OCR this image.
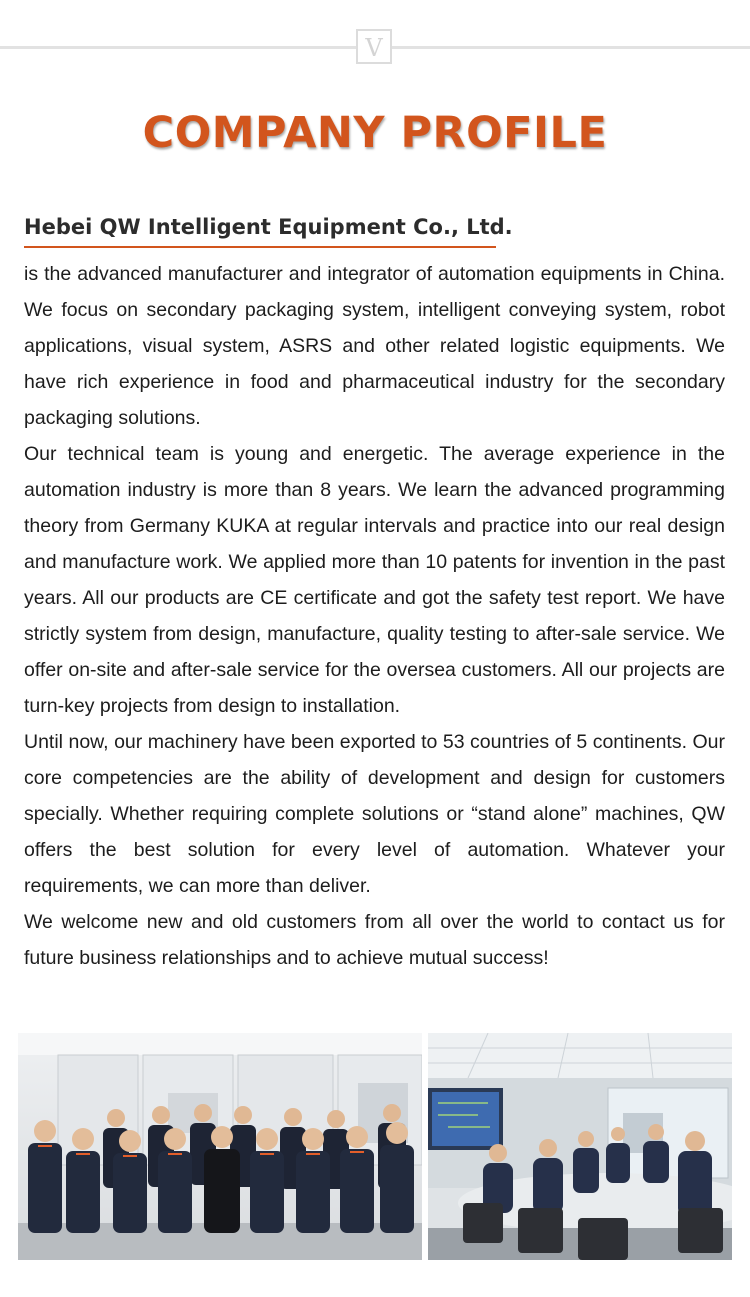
V
COMPANY PROFILE
Hebei QW Intelligent Equipment Co., Ltd.

is the advanced manufacturer and integrator of automation equipments in China. We focus on secondary packaging system, intelligent conveying system, robot applications, visual system, ASRS and other related logistic equipments. We have rich experience in food and pharmaceutical industry for the secondary packaging solutions.

Our technical team is young and energetic. The average experience in the automation industry is more than 8 years. We learn the advanced programming theory from Germany KUKA at regular intervals and practice into our real design and manufacture work. We applied more than 10 patents for invention in the past years. All our products are CE certificate and got the safety test report. We have strictly system from design, manufacture, quality testing to after-sale service. We offer on-site and after-sale service for the oversea customers. All our projects are turn-key projects from design to installation.

Until now, our machinery have been exported to 53 countries of 5 continents. Our core competencies are the ability of development and design for customers specially. Whether requiring complete solutions or “stand alone” machines, QW offers the best solution for every level of automation. Whatever your requirements, we can more than deliver.

We welcome new and old customers from all over the world to contact us for future business relationships and to achieve mutual success!
